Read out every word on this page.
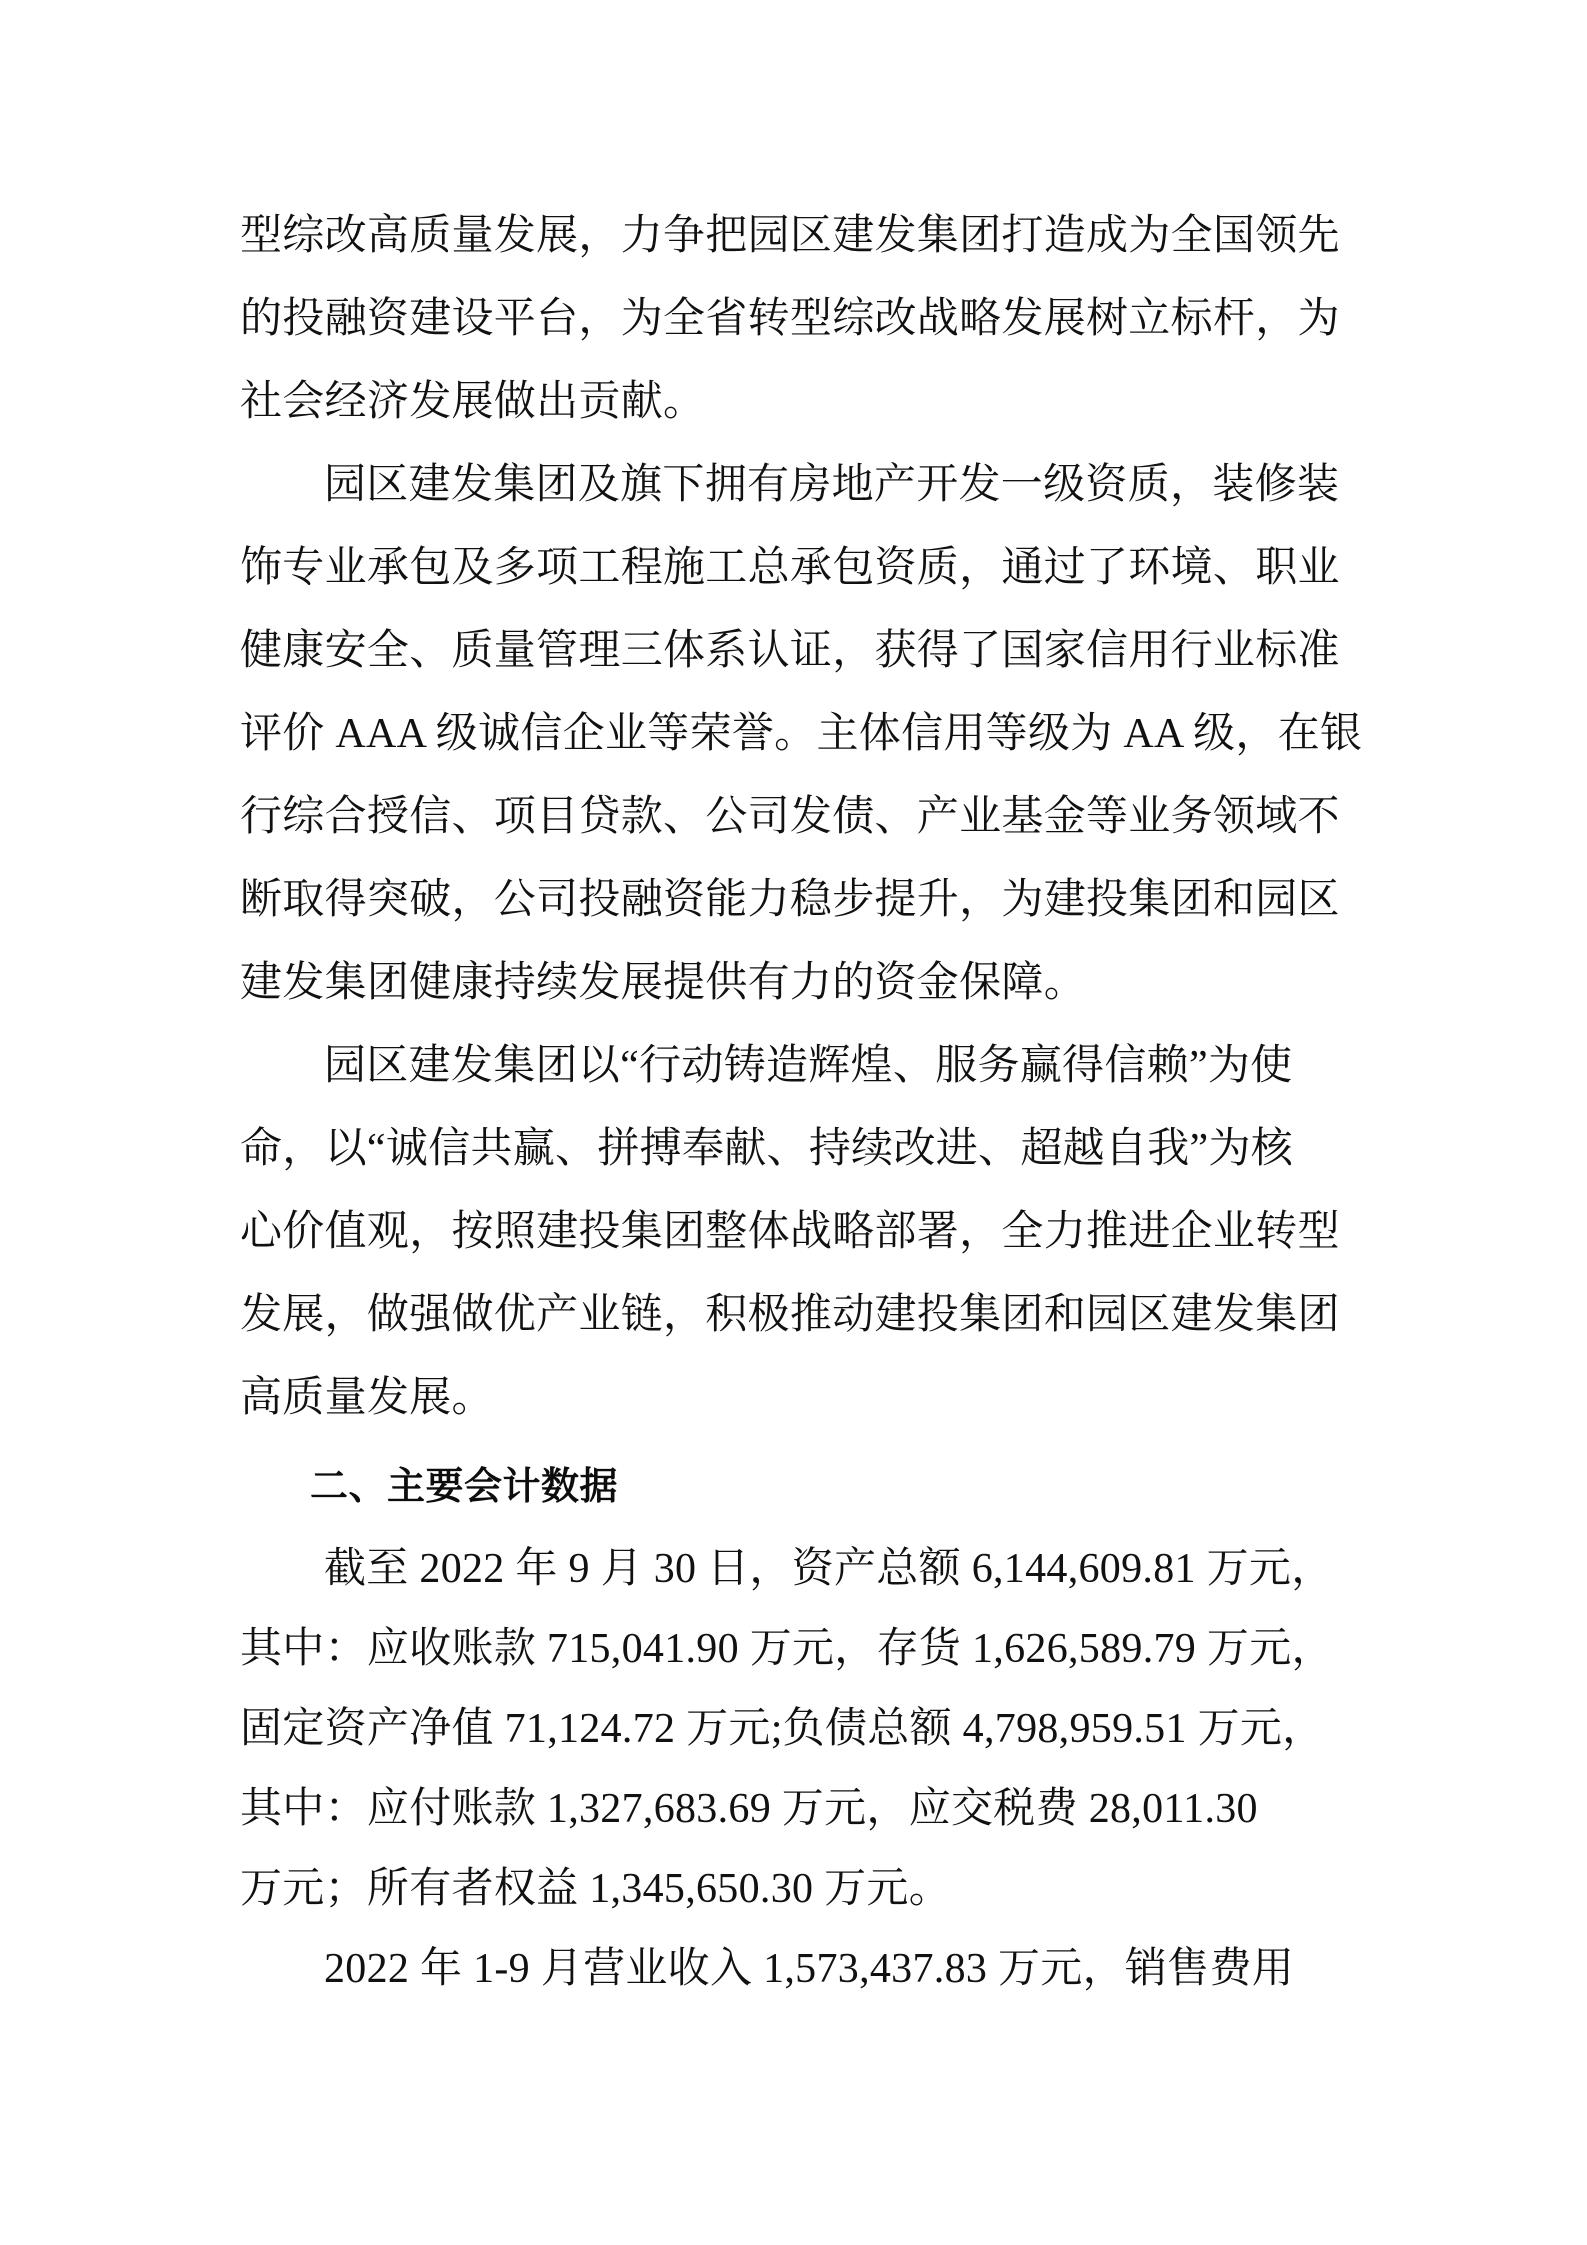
型综改高质量发展，力争把园区建发集团打造成为全国领先
的投融资建设平台，为全省转型综改战略发展树立标杆，为
社会经济发展做出贡献。
园区建发集团及旗下拥有房地产开发一级资质，装修装
饰专业承包及多项工程施工总承包资质，通过了环境、职业
健康安全、质量管理三体系认证，获得了国家信用行业标准
评价 AAA 级诚信企业等荣誉。主体信用等级为 AA 级，在银
行综合授信、项目贷款、公司发债、产业基金等业务领域不
断取得突破，公司投融资能力稳步提升，为建投集团和园区
建发集团健康持续发展提供有力的资金保障。
园区建发集团以“行动铸造辉煌、服务赢得信赖”为使
命，以“诚信共赢、拼搏奉献、持续改进、超越自我”为核
心价值观，按照建投集团整体战略部署，全力推进企业转型
发展，做强做优产业链，积极推动建投集团和园区建发集团
高质量发展。
二、主要会计数据
截至 2022 年 9 月 30 日，资产总额 6,144,609.81 万元，
其中：应收账款 715,041.90 万元，存货 1,626,589.79 万元，
固定资产净值 71,124.72 万元;负债总额 4,798,959.51 万元，
其中：应付账款 1,327,683.69 万元，应交税费 28,011.30
万元；所有者权益 1,345,650.30 万元。
2022 年 1-9 月营业收入 1,573,437.83 万元，销售费用
